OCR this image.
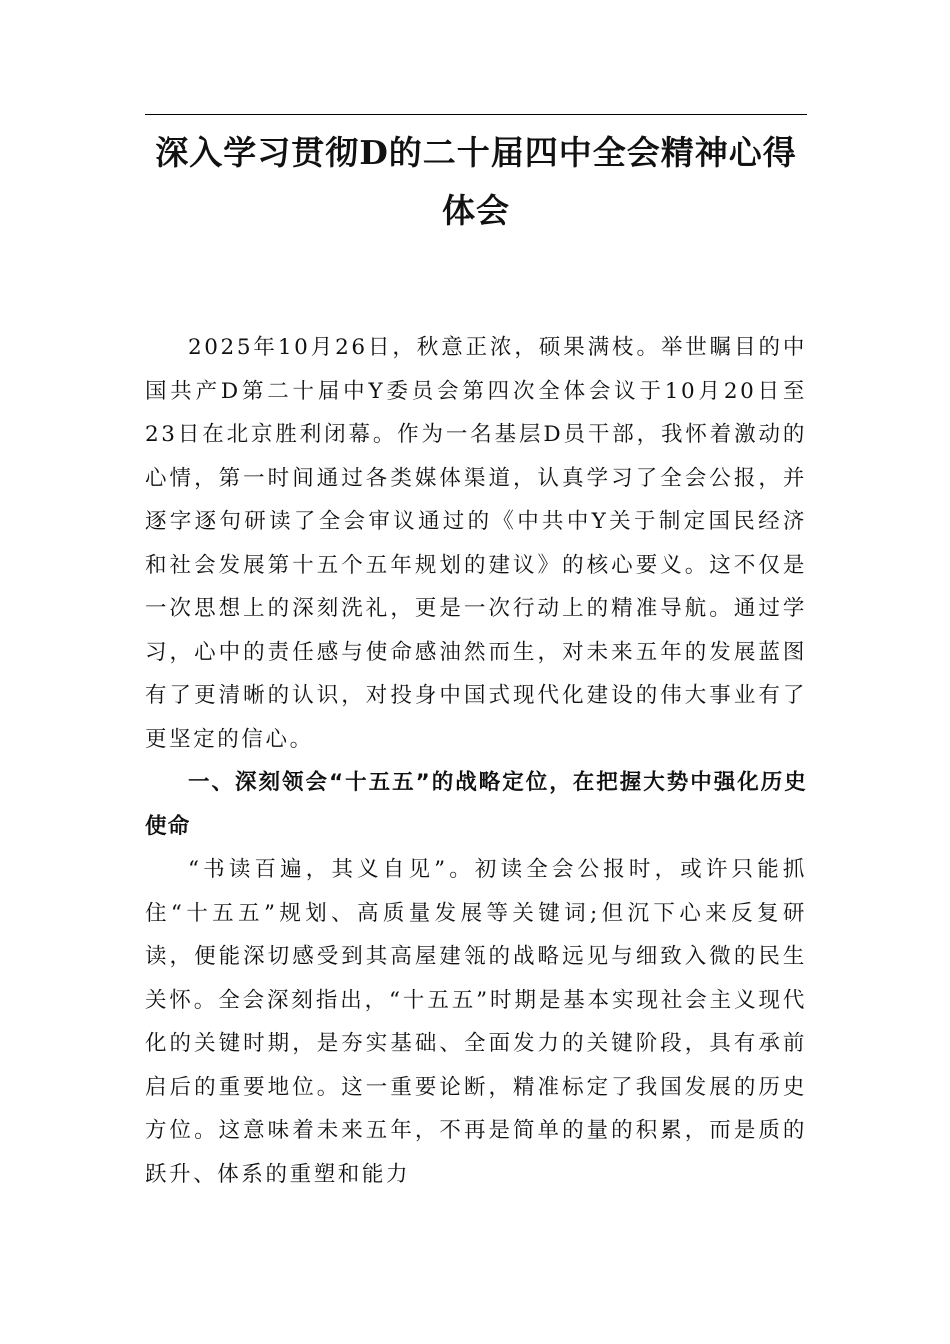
深入学习贯彻D的二十届四中全会精神心得体会

2025年10月26日，秋意正浓，硕果满枝。举世瞩目的中国共产D第二十届中Y委员会第四次全体会议于10月20日至23日在北京胜利闭幕。作为一名基层D员干部，我怀着激动的心情，第一时间通过各类媒体渠道，认真学习了全会公报，并逐字逐句研读了全会审议通过的《中共中Y关于制定国民经济和社会发展第十五个五年规划的建议》的核心要义。这不仅是一次思想上的深刻洗礼，更是一次行动上的精准导航。通过学习，心中的责任感与使命感油然而生，对未来五年的发展蓝图有了更清晰的认识，对投身中国式现代化建设的伟大事业有了更坚定的信心。

一、深刻领会“十五五”的战略定位，在把握大势中强化历史使命

“书读百遍，其义自见”。初读全会公报时，或许只能抓住“十五五”规划、高质量发展等关键词;但沉下心来反复研读，便能深切感受到其高屋建瓴的战略远见与细致入微的民生关怀。全会深刻指出，“十五五”时期是基本实现社会主义现代化的关键时期，是夯实基础、全面发力的关键阶段，具有承前启后的重要地位。这一重要论断，精准标定了我国发展的历史方位。这意味着未来五年，不再是简单的量的积累，而是质的跃升、体系的重塑和能力
